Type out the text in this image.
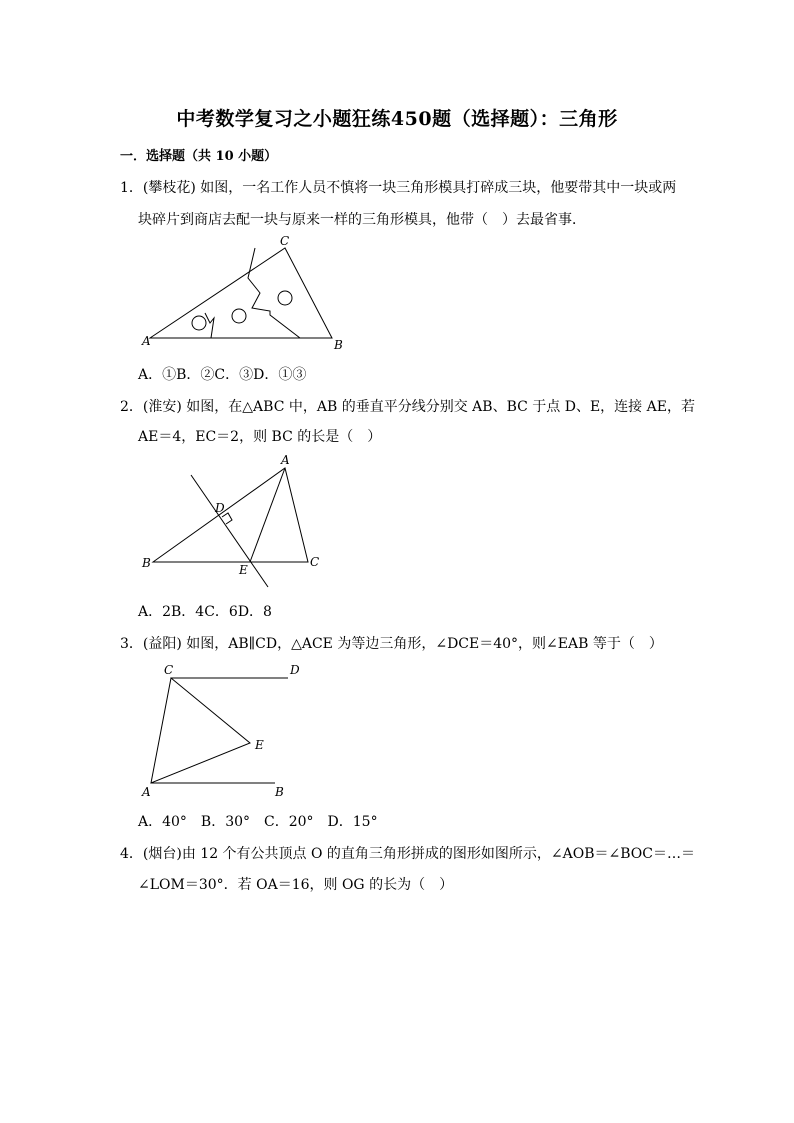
中考数学复习之小题狂练450题（选择题）：三角形
一．选择题（共 10 小题）
1．(攀枝花) 如图，一名工作人员不慎将一块三角形模具打碎成三块，他要带其中一块或两
块碎片到商店去配一块与原来一样的三角形模具，他带（　）去最省事．
A	B
C
A．①B．②C．③D．①③
2．(淮安) 如图，在△ABC 中，AB 的垂直平分线分别交 AB、BC 于点 D、E，连接 AE，若
AE＝4，EC＝2，则 BC 的长是（　）
B
A
C
D
E
A．2B．4C．6D．8
3．(益阳) 如图，AB∥CD，△ACE 为等边三角形，∠DCE＝40°，则∠EAB 等于（　）
C	D
E
A	B
A．40°　B．30°　C．20°　D．15°
4．(烟台)由 12 个有公共顶点 O 的直角三角形拼成的图形如图所示，∠AOB＝∠BOC＝…＝
∠LOM＝30°．若 OA＝16，则 OG 的长为（　）
